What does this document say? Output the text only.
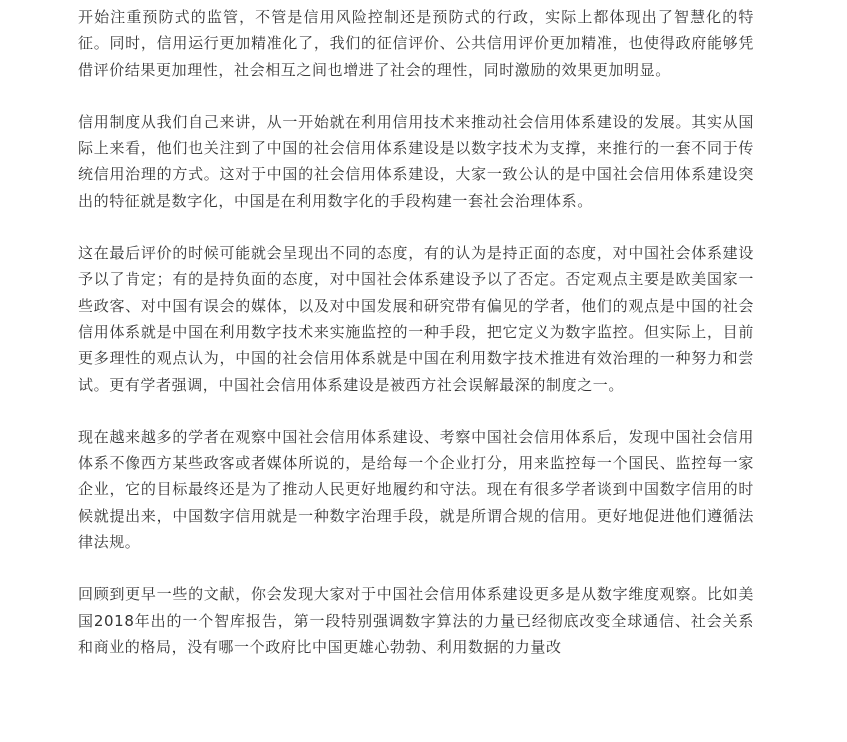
开始注重预防式的监管，不管是信用风险控制还是预防式的行政，实际上都体现出了智慧化的特征。同时，信用运行更加精准化了，我们的征信评价、公共信用评价更加精准，也使得政府能够凭借评价结果更加理性，社会相互之间也增进了社会的理性，同时激励的效果更加明显。

信用制度从我们自己来讲，从一开始就在利用信用技术来推动社会信用体系建设的发展。其实从国际上来看，他们也关注到了中国的社会信用体系建设是以数字技术为支撑，来推行的一套不同于传统信用治理的方式。这对于中国的社会信用体系建设，大家一致公认的是中国社会信用体系建设突出的特征就是数字化，中国是在利用数字化的手段构建一套社会治理体系。

这在最后评价的时候可能就会呈现出不同的态度，有的认为是持正面的态度，对中国社会体系建设予以了肯定；有的是持负面的态度，对中国社会体系建设予以了否定。否定观点主要是欧美国家一些政客、对中国有误会的媒体，以及对中国发展和研究带有偏见的学者，他们的观点是中国的社会信用体系就是中国在利用数字技术来实施监控的一种手段，把它定义为数字监控。但实际上，目前更多理性的观点认为，中国的社会信用体系就是中国在利用数字技术推进有效治理的一种努力和尝试。更有学者强调，中国社会信用体系建设是被西方社会误解最深的制度之一。

现在越来越多的学者在观察中国社会信用体系建设、考察中国社会信用体系后，发现中国社会信用体系不像西方某些政客或者媒体所说的，是给每一个企业打分，用来监控每一个国民、监控每一家企业，它的目标最终还是为了推动人民更好地履约和守法。现在有很多学者谈到中国数字信用的时候就提出来，中国数字信用就是一种数字治理手段，就是所谓合规的信用。更好地促进他们遵循法律法规。

回顾到更早一些的文献，你会发现大家对于中国社会信用体系建设更多是从数字维度观察。比如美国2018年出的一个智库报告，第一段特别强调数字算法的力量已经彻底改变全球通信、社会关系和商业的格局，没有哪一个政府比中国更雄心勃勃、利用数据的力量改
